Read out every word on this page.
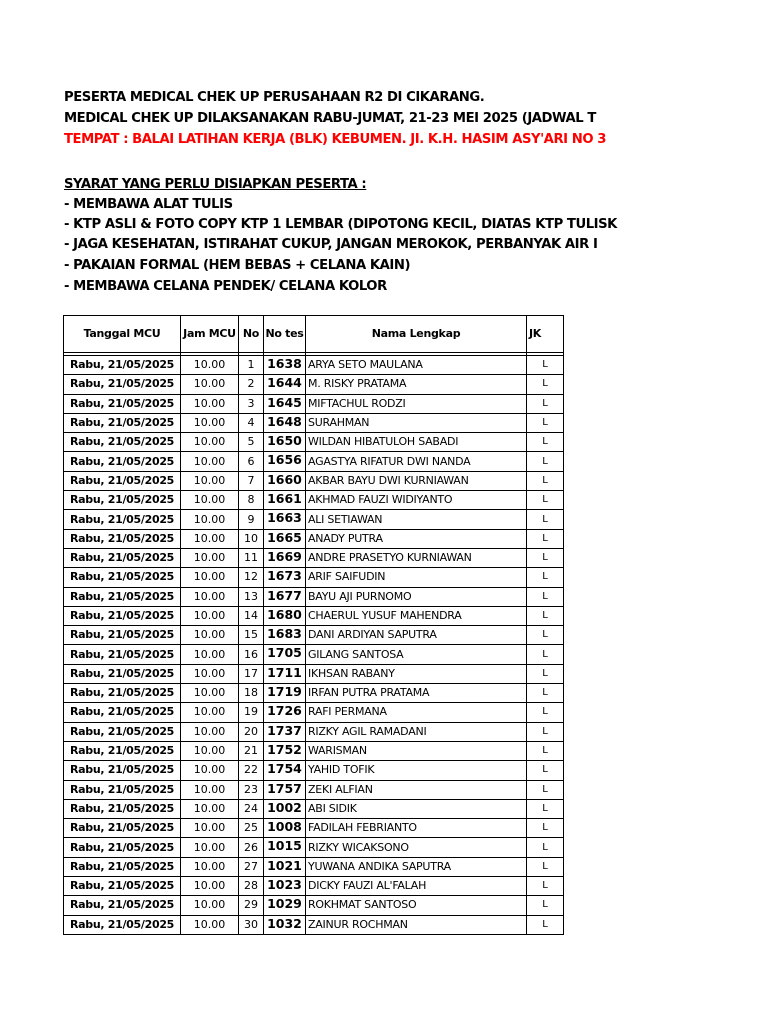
PESERTA MEDICAL CHEK UP PERUSAHAAN R2 DI CIKARANG.
MEDICAL CHEK UP DILAKSANAKAN RABU-JUMAT, 21-23 MEI 2025 (JADWAL T
TEMPAT : BALAI LATIHAN KERJA (BLK) KEBUMEN. JI. K.H. HASIM ASY'ARI NO 3
SYARAT YANG PERLU DISIAPKAN PESERTA :
- MEMBAWA ALAT TULIS
- KTP ASLI & FOTO COPY KTP 1 LEMBAR (DIPOTONG KECIL, DIATAS KTP TULISK
- JAGA KESEHATAN, ISTIRAHAT CUKUP, JANGAN MEROKOK, PERBANYAK AIR I
- PAKAIAN FORMAL (HEM BEBAS + CELANA KAIN)
- MEMBAWA CELANA PENDEK/ CELANA KOLOR
Tanggal MCU	Jam MCU	No	No tes	Nama Lengkap	JK

Rabu, 21/05/2025	10.00	1	1638	ARYA SETO MAULANA	L
Rabu, 21/05/2025	10.00	2	1644	M. RISKY PRATAMA	L
Rabu, 21/05/2025	10.00	3	1645	MIFTACHUL RODZI	L
Rabu, 21/05/2025	10.00	4	1648	SURAHMAN	L
Rabu, 21/05/2025	10.00	5	1650	WILDAN HIBATULOH SABADI	L
Rabu, 21/05/2025	10.00	6	1656	AGASTYA RIFATUR DWI NANDA	L
Rabu, 21/05/2025	10.00	7	1660	AKBAR BAYU DWI KURNIAWAN	L
Rabu, 21/05/2025	10.00	8	1661	AKHMAD FAUZI WIDIYANTO	L
Rabu, 21/05/2025	10.00	9	1663	ALI SETIAWAN	L
Rabu, 21/05/2025	10.00	10	1665	ANADY PUTRA	L
Rabu, 21/05/2025	10.00	11	1669	ANDRE PRASETYO KURNIAWAN	L
Rabu, 21/05/2025	10.00	12	1673	ARIF SAIFUDIN	L
Rabu, 21/05/2025	10.00	13	1677	BAYU AJI PURNOMO	L
Rabu, 21/05/2025	10.00	14	1680	CHAERUL YUSUF MAHENDRA	L
Rabu, 21/05/2025	10.00	15	1683	DANI ARDIYAN SAPUTRA	L
Rabu, 21/05/2025	10.00	16	1705	GILANG SANTOSA	L
Rabu, 21/05/2025	10.00	17	1711	IKHSAN RABANY	L
Rabu, 21/05/2025	10.00	18	1719	IRFAN PUTRA PRATAMA	L
Rabu, 21/05/2025	10.00	19	1726	RAFI PERMANA	L
Rabu, 21/05/2025	10.00	20	1737	RIZKY AGIL RAMADANI	L
Rabu, 21/05/2025	10.00	21	1752	WARISMAN	L
Rabu, 21/05/2025	10.00	22	1754	YAHID TOFIK	L
Rabu, 21/05/2025	10.00	23	1757	ZEKI ALFIAN	L
Rabu, 21/05/2025	10.00	24	1002	ABI SIDIK	L
Rabu, 21/05/2025	10.00	25	1008	FADILAH FEBRIANTO	L
Rabu, 21/05/2025	10.00	26	1015	RIZKY WICAKSONO	L
Rabu, 21/05/2025	10.00	27	1021	YUWANA ANDIKA SAPUTRA	L
Rabu, 21/05/2025	10.00	28	1023	DICKY FAUZI AL'FALAH	L
Rabu, 21/05/2025	10.00	29	1029	ROKHMAT SANTOSO	L
Rabu, 21/05/2025	10.00	30	1032	ZAINUR ROCHMAN	L
